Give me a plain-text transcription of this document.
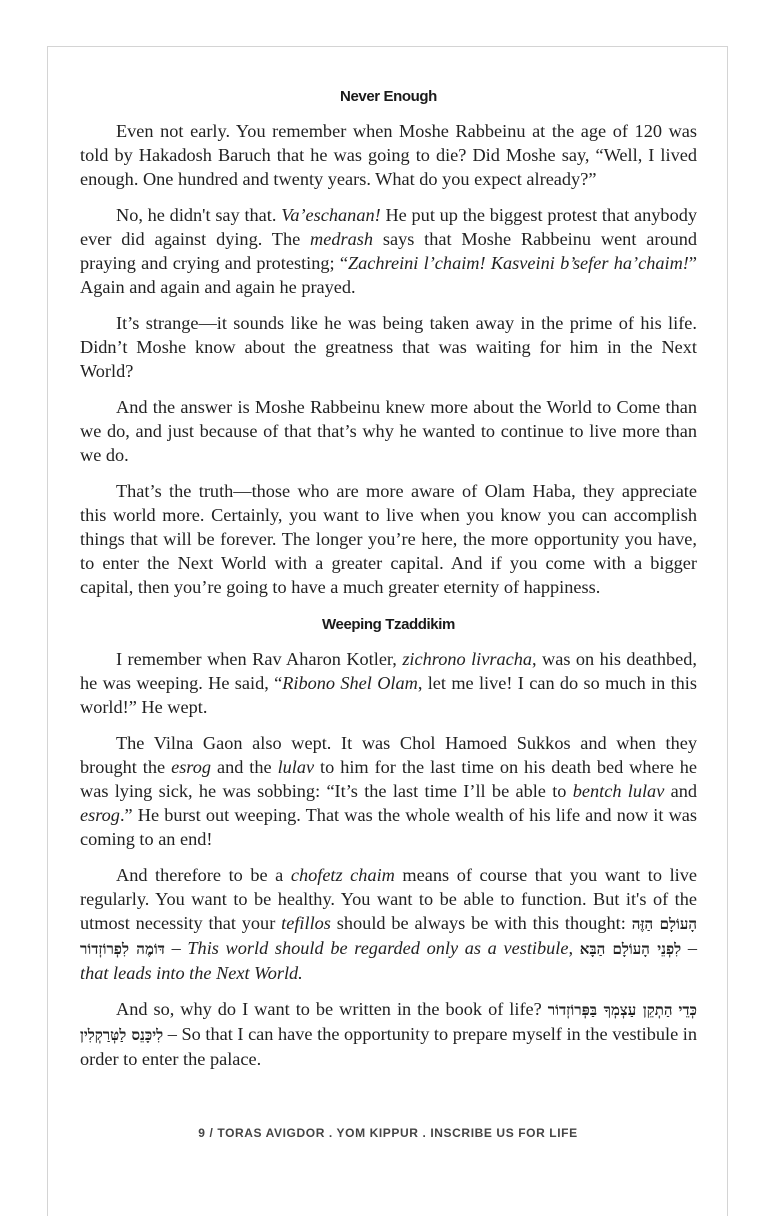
Never Enough

Even not early. You remember when Moshe Rabbeinu at the age of 120 was told by Hakadosh Baruch that he was going to die? Did Moshe say, “Well, I lived enough. One hundred and twenty years. What do you expect already?”

No, he didn't say that. Va’eschanan! He put up the biggest protest that anybody ever did against dying. The medrash says that Moshe Rabbeinu went around praying and crying and protesting; “Zachreini l’chaim! Kasveini b’sefer ha’chaim!” Again and again and again he prayed.

It’s strange—it sounds like he was being taken away in the prime of his life. Didn’t Moshe know about the greatness that was waiting for him in the Next World?

And the answer is Moshe Rabbeinu knew more about the World to Come than we do, and just because of that that’s why he wanted to continue to live more than we do.

That’s the truth—those who are more aware of Olam Haba, they appreciate this world more. Certainly, you want to live when you know you can accomplish things that will be forever. The longer you’re here, the more opportunity you have, to enter the Next World with a greater capital. And if you come with a bigger capital, then you’re going to have a much greater eternity of happiness.

Weeping Tzaddikim

I remember when Rav Aharon Kotler, zichrono livracha, was on his deathbed, he was weeping. He said, “Ribono Shel Olam, let me live! I can do so much in this world!” He wept.

The Vilna Gaon also wept. It was Chol Hamoed Sukkos and when they brought the esrog and the lulav to him for the last time on his death bed where he was lying sick, he was sobbing: “It’s the last time I’ll be able to bentch lulav and esrog.” He burst out weeping. That was the whole wealth of his life and now it was coming to an end!

And therefore to be a chofetz chaim means of course that you want to live regularly. You want to be healthy. You want to be able to function. But it's of the utmost necessity that your tefillos should be always be with this thought: הָעוֹלָם הַזֶּה דּוֹמֶה לִפְרוֹזְדוֹר – This world should be regarded only as a vestibule, לִפְנֵי הָעוֹלָם הַבָּא – that leads into the Next World.

And so, why do I want to be written in the book of life? הַתְקֵן עַצְמְךָ בַּפְּרוֹזְדוֹר כְּדֵי לִיכָּנֵס לַטְּרַקְלִין – So that I can have the opportunity to prepare myself in the vestibule in order to enter the palace.

9 / TORAS AVIGDOR . YOM KIPPUR . INSCRIBE US FOR LIFE
